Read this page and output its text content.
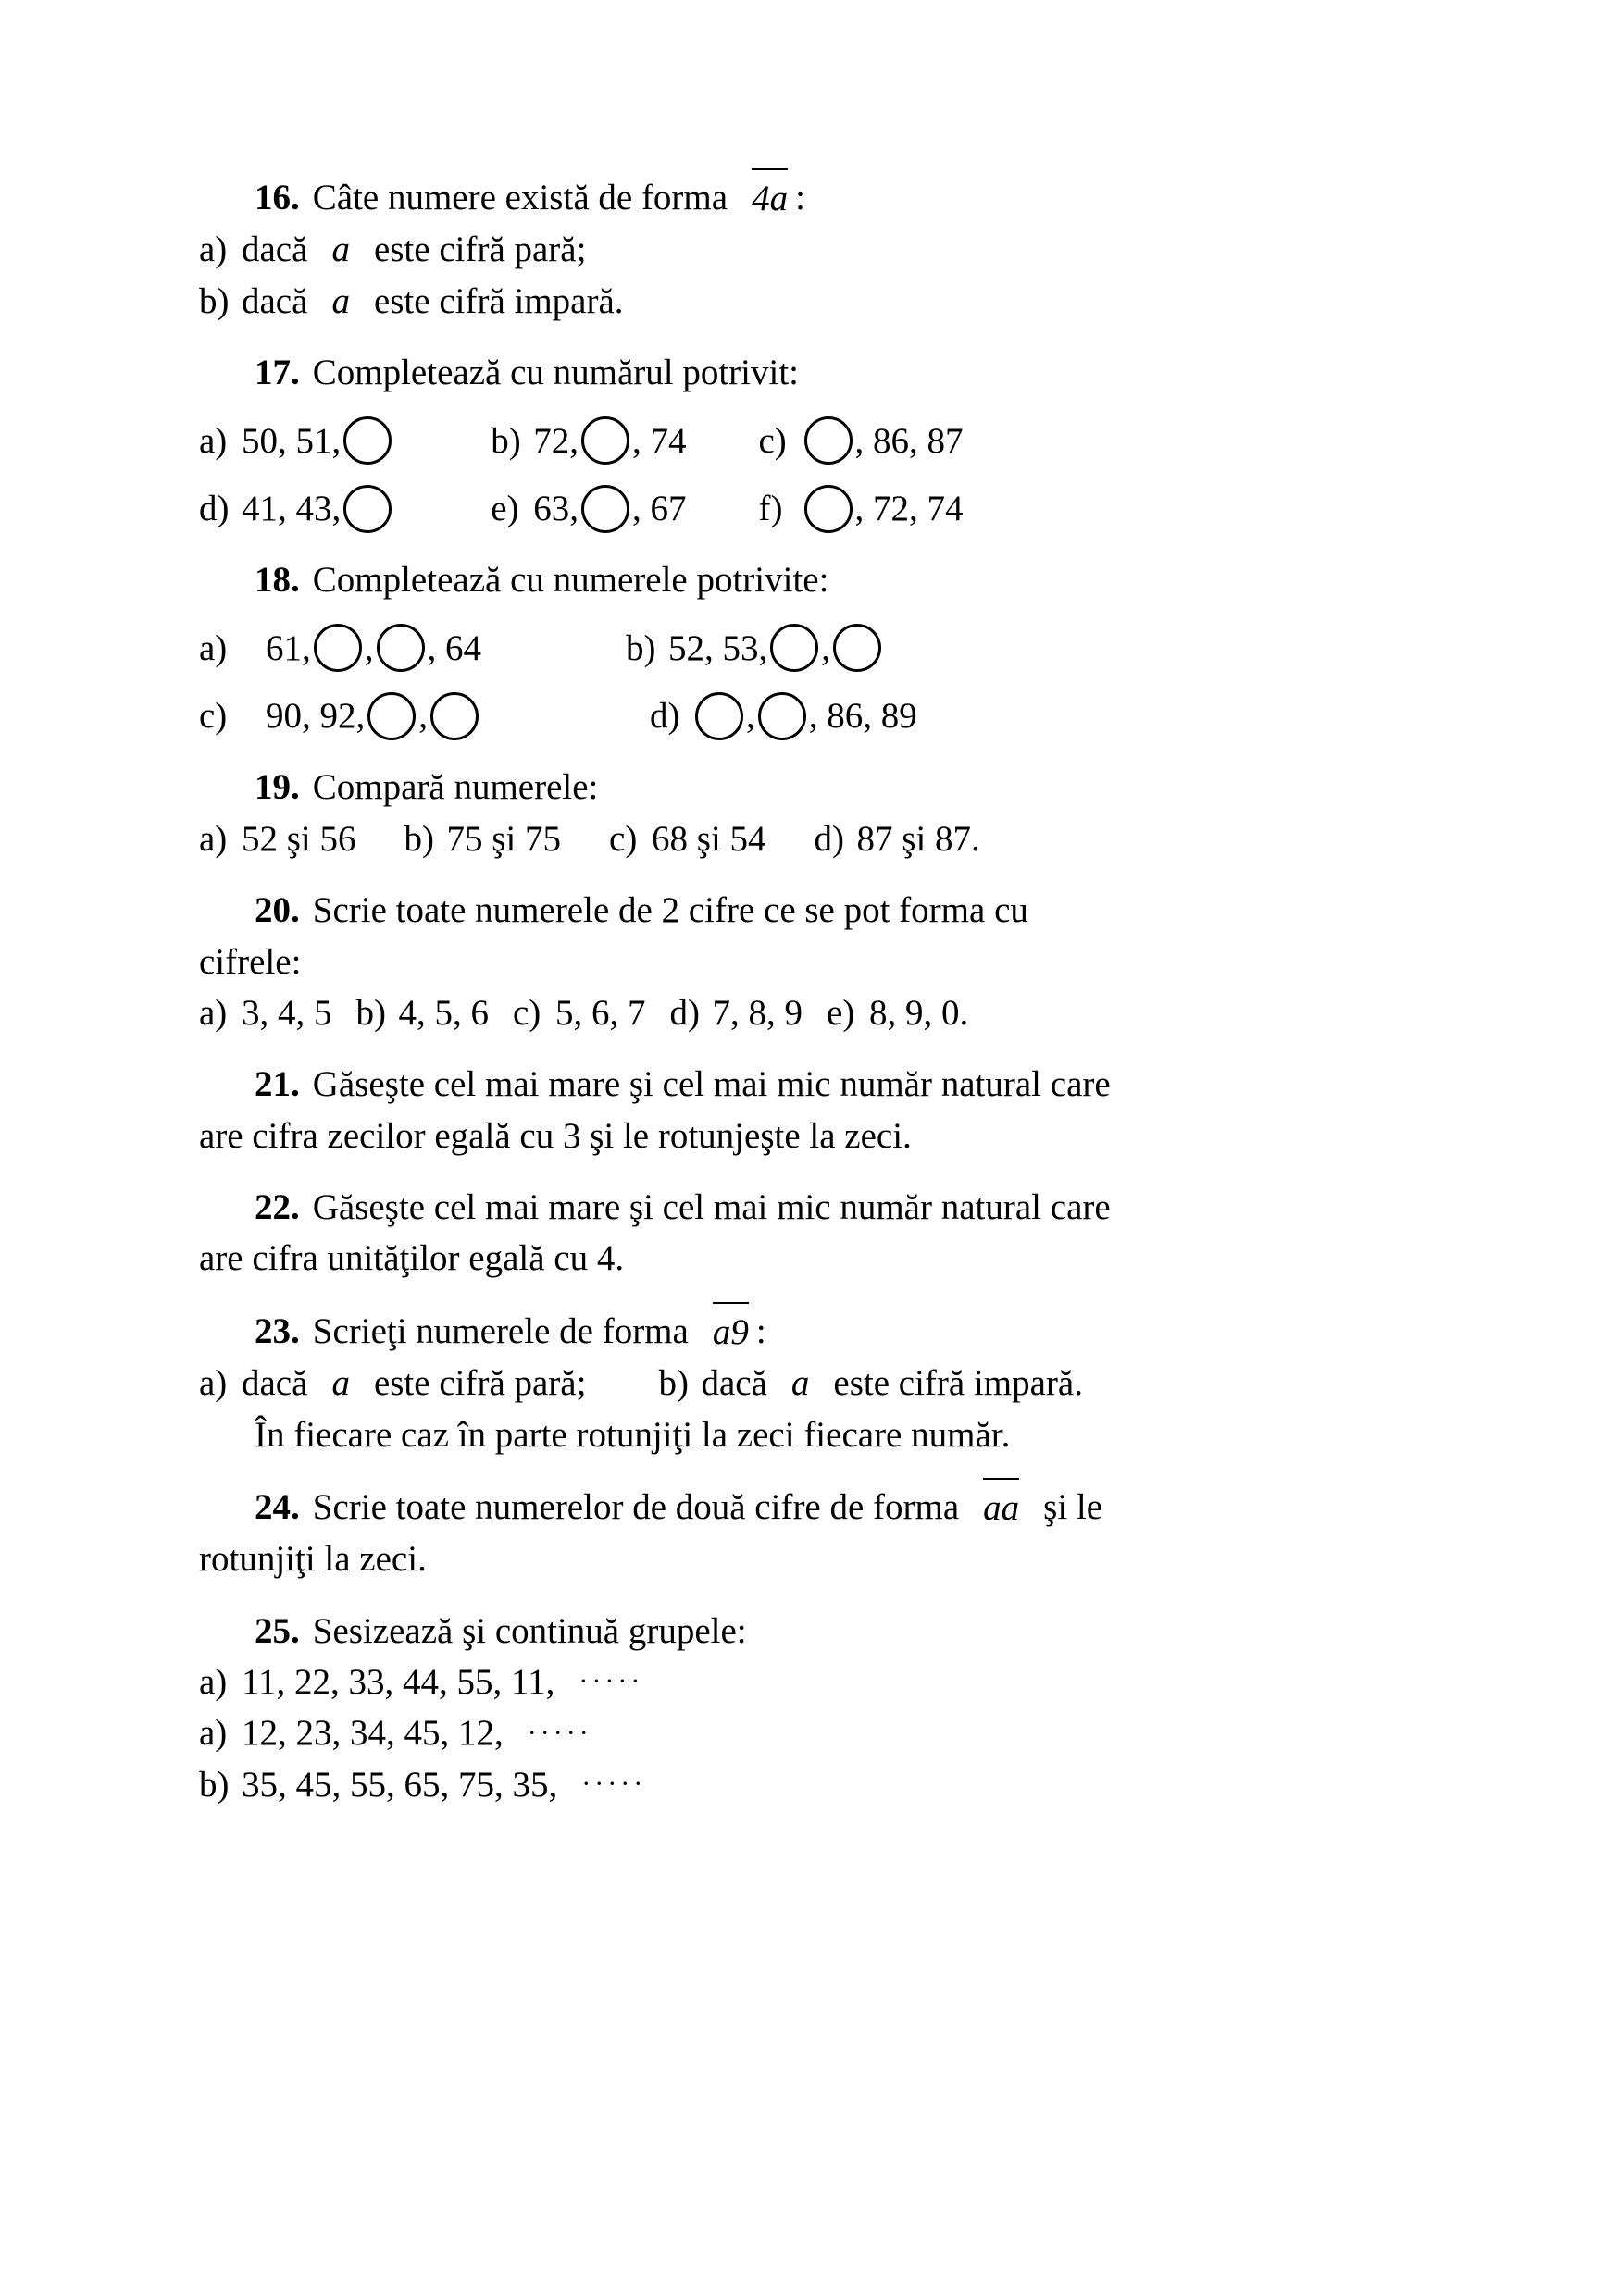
16. Câte numere există de forma 4a :
a) dacă a este cifră pară;
b) dacă a este cifră impară.
17. Completează cu numărul potrivit:
a) 50, 51,	b) 72, , 74 c)	, 86, 87
d) 41, 43,	e) 63, , 67 f)	, 72, 74
18. Completează cu numerele potrivite:
a)	61, , , 64	b) 52, 53, ,
c)	90, 92, ,	d)	, , 86, 89
19. Compară numerele:
a) 52 şi 56 b) 75 şi 75 c) 68 şi 54 d) 87 şi 87.
20. Scrie toate numerele de 2 cifre ce se pot forma cu
cifrele:
a) 3, 4, 5 b) 4, 5, 6 c) 5, 6, 7 d) 7, 8, 9 e) 8, 9, 0.
21. Găseşte cel mai mare şi cel mai mic număr natural care
are cifra zecilor egală cu 3 şi le rotunjeşte la zeci.
22. Găseşte cel mai mare şi cel mai mic număr natural care
are cifra unităţilor egală cu 4.
23. Scrieţi numerele de forma a9 :
a) dacă a este cifră pară; b) dacă a este cifră impară.
În fiecare caz în parte rotunjiţi la zeci fiecare număr.
24. Scrie toate numerelor de două cifre de forma aa şi le
rotunjiţi la zeci.
25. Sesizează şi continuă grupele:
a) 11, 22, 33, 44, 55, 11, ·····
a) 12, 23, 34, 45, 12, ·····
b) 35, 45, 55, 65, 75, 35, ·····
